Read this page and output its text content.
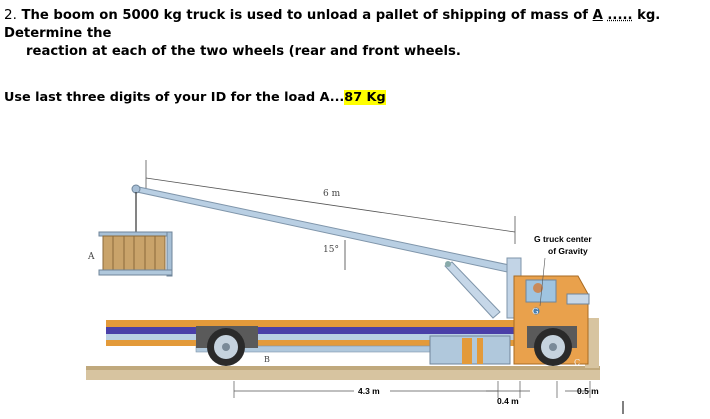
2. The boom on 5000 kg truck is used to unload a pallet of shipping of mass of A ..... kg. Determine the
reaction at each of the two wheels (rear and front wheels.
Use last three digits of your ID for the load A...87 Kg
6 m
15°
A
G
B	C
G truck center
of Gravity
4.3 m
0.4 m
0.5 m
